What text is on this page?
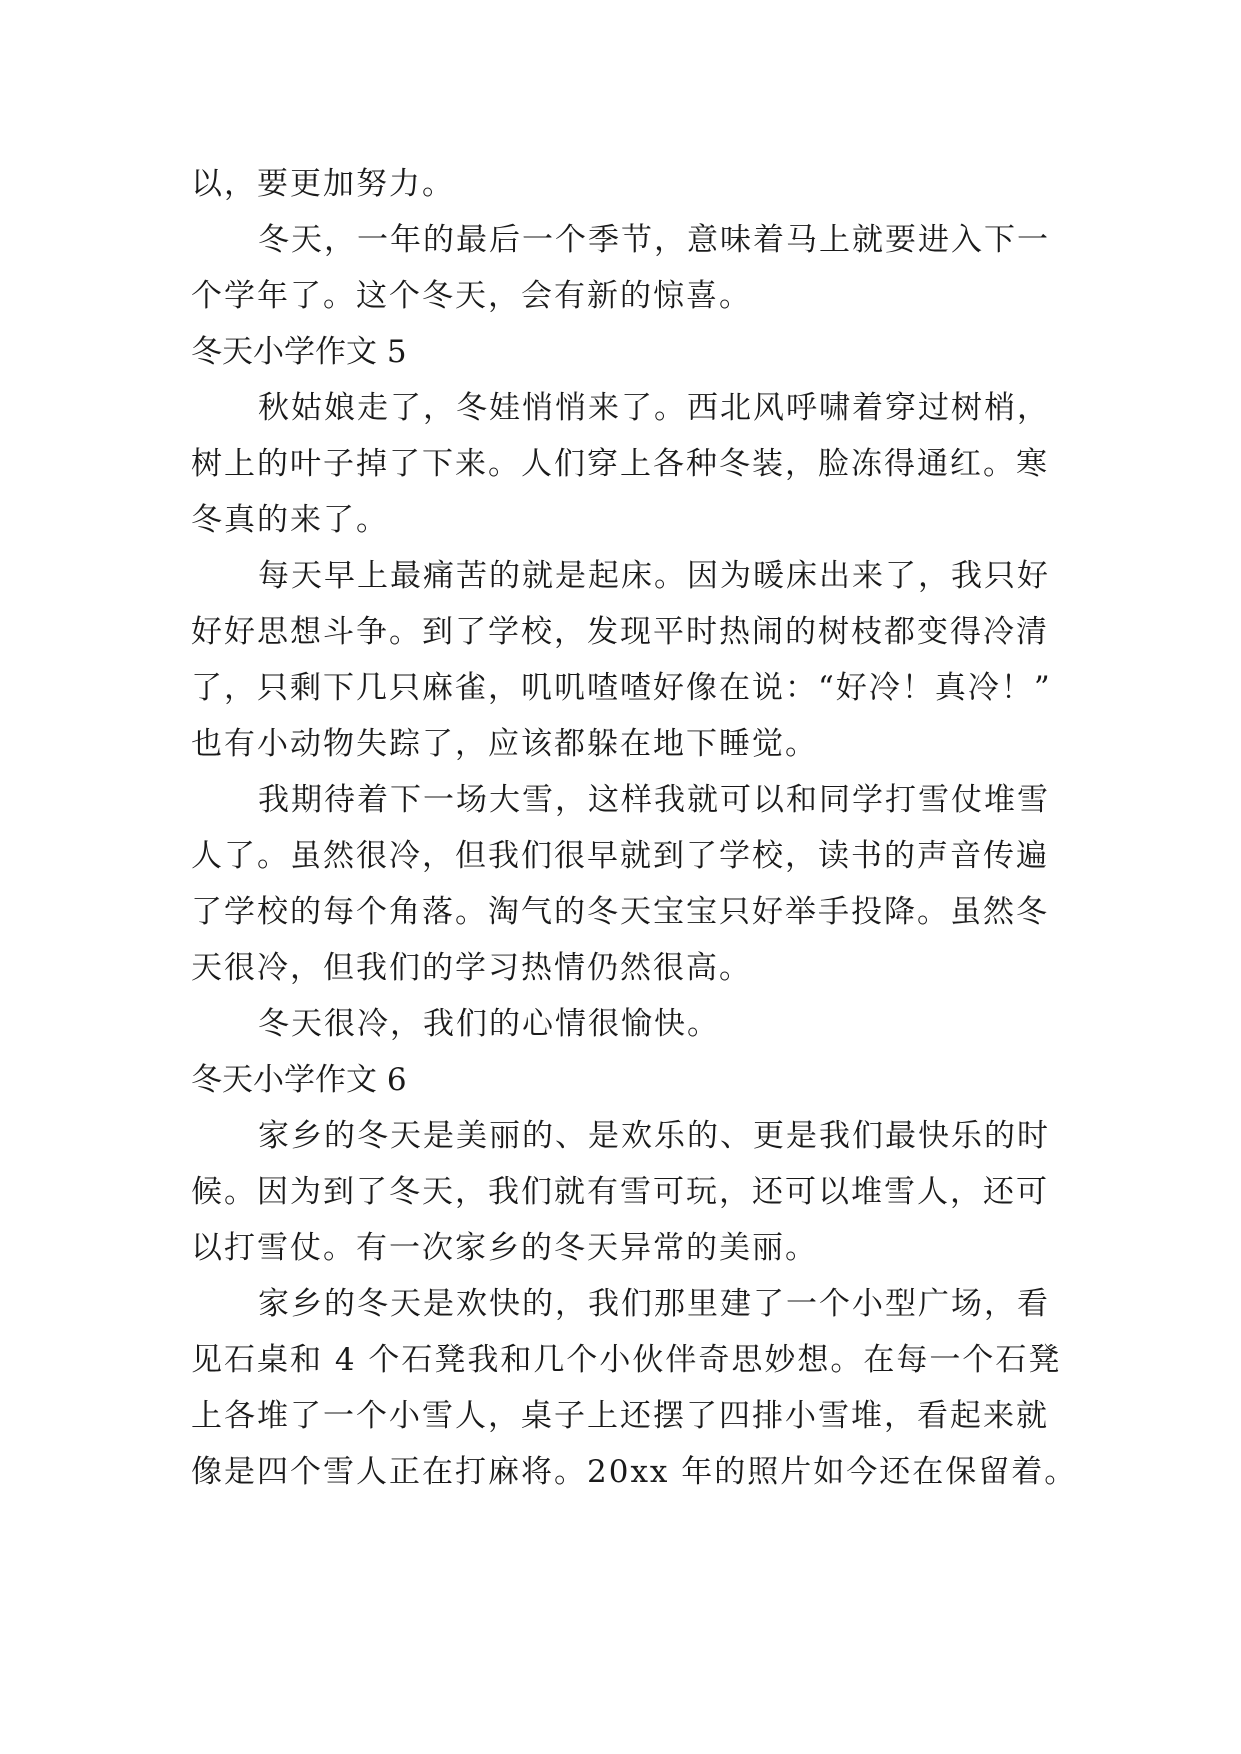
以，要更加努力。

冬天，一年的最后一个季节，意味着马上就要进入下一

个学年了。这个冬天，会有新的惊喜。

冬天小学作文 5

秋姑娘走了，冬娃悄悄来了。西北风呼啸着穿过树梢，

树上的叶子掉了下来。人们穿上各种冬装，脸冻得通红。寒

冬真的来了。

每天早上最痛苦的就是起床。因为暖床出来了，我只好

好好思想斗争。到了学校，发现平时热闹的树枝都变得冷清

了，只剩下几只麻雀，叽叽喳喳好像在说：“好冷！真冷！”

也有小动物失踪了，应该都躲在地下睡觉。

我期待着下一场大雪，这样我就可以和同学打雪仗堆雪

人了。虽然很冷，但我们很早就到了学校，读书的声音传遍

了学校的每个角落。淘气的冬天宝宝只好举手投降。虽然冬

天很冷，但我们的学习热情仍然很高。

冬天很冷，我们的心情很愉快。

冬天小学作文 6

家乡的冬天是美丽的、是欢乐的、更是我们最快乐的时

候。因为到了冬天，我们就有雪可玩，还可以堆雪人，还可

以打雪仗。有一次家乡的冬天异常的美丽。

家乡的冬天是欢快的，我们那里建了一个小型广场，看

见石桌和 4 个石凳我和几个小伙伴奇思妙想。在每一个石凳

上各堆了一个小雪人，桌子上还摆了四排小雪堆，看起来就

像是四个雪人正在打麻将。20xx 年的照片如今还在保留着。
